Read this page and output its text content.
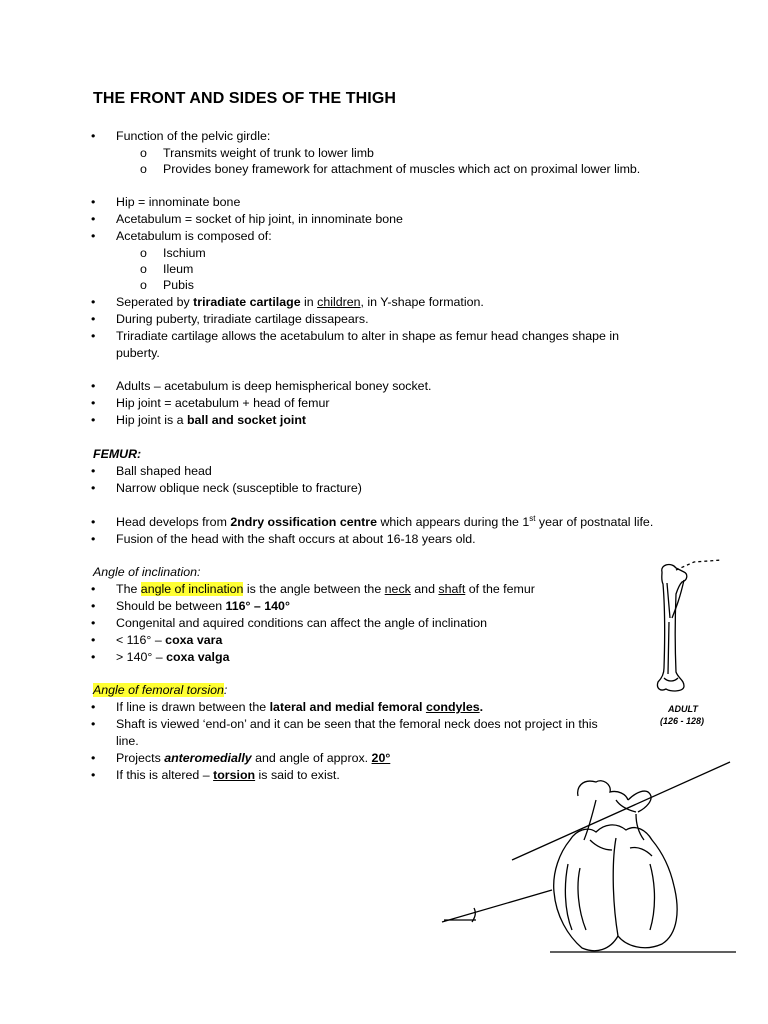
THE FRONT AND SIDES OF THE THIGH
• Function of the pelvic girdle:
o Transmits weight of trunk to lower limb
o Provides boney framework for attachment of muscles which act on proximal lower limb.
• Hip = innominate bone
• Acetabulum = socket of hip joint, in innominate bone
• Acetabulum is composed of:
o Ischium
o Ileum
o Pubis
• Seperated by triradiate cartilage in children, in Y-shape formation.
• During puberty, triradiate cartilage dissapears.
• Triradiate cartilage allows the acetabulum to alter in shape as femur head changes shape in
puberty.
• Adults – acetabulum is deep hemispherical boney socket.
• Hip joint = acetabulum + head of femur
• Hip joint is a ball and socket joint
FEMUR:
• Ball shaped head
• Narrow oblique neck (susceptible to fracture)
• Head develops from 2ndry ossification centre which appears during the 1st year of postnatal life.
• Fusion of the head with the shaft occurs at about 16-18 years old.
Angle of inclination:
• The angle of inclination is the angle between the neck and shaft of the femur
• Should be between 116° – 140°
• Congenital and aquired conditions can affect the angle of inclination
• < 116° – coxa vara
• > 140° – coxa valga
Angle of femoral torsion:
• If line is drawn between the lateral and medial femoral condyles.
• Shaft is viewed ‘end-on’ and it can be seen that the femoral neck does not project in this
line.
• Projects anteromedially and angle of approx. 20°
• If this is altered – torsion is said to exist.
ADULT
(126 - 128)
